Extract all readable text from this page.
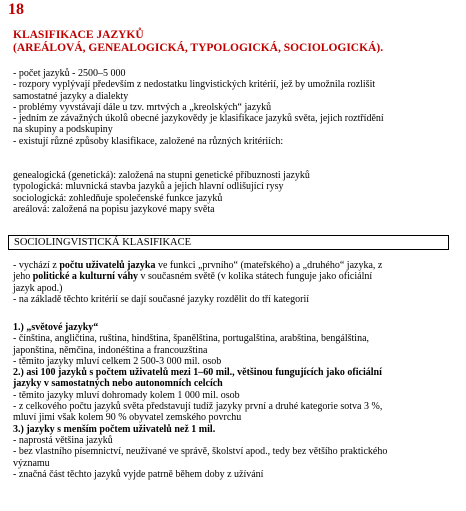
18

KLASIFIKACE JAZYKŮ

(AREÁLOVÁ, GENEALOGICKÁ, TYPOLOGICKÁ, SOCIOLOGICKÁ).

- počet jazyků - 2500–5 000

- rozpory vyplývají především z nedostatku lingvistických kritérií, jež by umožnila rozlišit

samostatné jazyky a dialekty

- problémy vyvstávají dále u tzv. mrtvých a „kreolských“ jazyků

- jedním ze závažných úkolů obecné jazykovědy je klasifikace jazyků světa, jejich roztřídění

na skupiny a podskupiny

- existují různé způsoby klasifikace, založené na různých kritériích:

genealogická (genetická): založená na stupni genetické příbuznosti jazyků

typologická: mluvnická stavba jazyků a jejich hlavní odlišující rysy

sociologická: zohledňuje společenské funkce jazyků

areálová: založená na popisu jazykové mapy světa

SOCIOLINGVISTICKÁ KLASIFIKACE

- vychází z počtu uživatelů jazyka ve funkci „prvního“ (mateřského) a „druhého“ jazyka, z

jeho politické a kulturní váhy v současném světě (v kolika státech funguje jako oficiální

jazyk apod.)

- na základě těchto kritérií se dají současné jazyky rozdělit do tří kategorií

1.) „světové jazyky“

- čínština, angličtina, ruština, hindština, španělština, portugalština, arabština, bengálština,

japonština, němčina, indonéština a francouzština

- těmito jazyky mluví celkem 2 500-3 000 mil. osob

2.) asi 100 jazyků s počtem uživatelů mezi 1–60 mil., většinou fungujících jako oficiální

jazyky v samostatných nebo autonomních celcích

- těmito jazyky mluví dohromady kolem 1 000 mil. osob

- z celkového počtu jazyků světa představují tudíž jazyky první a druhé kategorie sotva 3 %,

mluví jimi však kolem 90 % obyvatel zemského povrchu

3.) jazyky s menším počtem uživatelů než 1 mil.

- naprostá většina jazyků

- bez vlastního písemnictví, neužívané ve správě, školství apod., tedy bez většího praktického

významu

- značná část těchto jazyků vyjde patrně během doby z užívání
